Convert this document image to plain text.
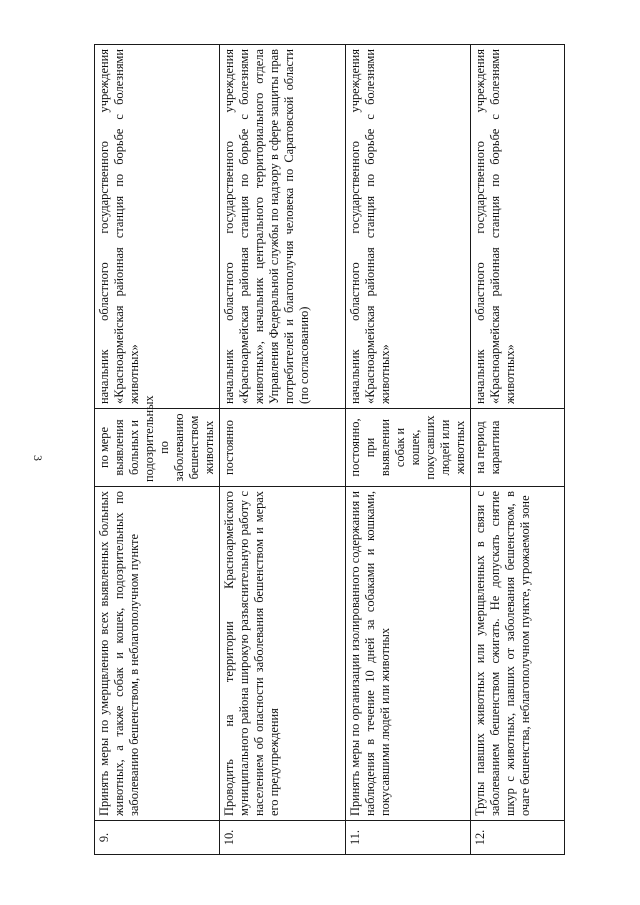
3
9.	Принять меры по умерщвлению всех выявленных больных животных, а также собак и кошек, подозрительных по заболеванию бешенством, в неблагополучном пункте	по мере выявления больных и подозрительных по заболеванию бешенством животных	начальник областного государственного учреждения «Красноармейская районная станция по борьбе с болезнями животных»
10.	Проводить на территории Красноармейского муниципального района широкую разъяснительную работу с населением об опасности заболевания бешенством и мерах его предупреждения	постоянно	начальник областного государственного учреждения «Красноармейская районная станция по борьбе с болезнями животных», начальник центрального территориального отдела Управления Федеральной службы по надзору в сфере защиты прав потребителей и благополучия человека по Саратовской области (по согласованию)
11.	Принять меры по организации изолированного содержания и наблюдения в течение 10 дней за собаками и кошками, покусавшими людей или животных	постоянно, при выявлении собак и кошек, покусавших людей или животных	начальник областного государственного учреждения «Красноармейская районная станция по борьбе с болезнями животных»
12.	Трупы павших животных или умерщвленных в связи с заболеванием бешенством сжигать. Не допускать снятие шкур с животных, павших от заболевания бешенством, в очаге бешенства, неблагополучном пункте, угрожаемой зоне	на период карантина	начальник областного государственного учреждения «Красноармейская районная станция по борьбе с болезнями животных»
